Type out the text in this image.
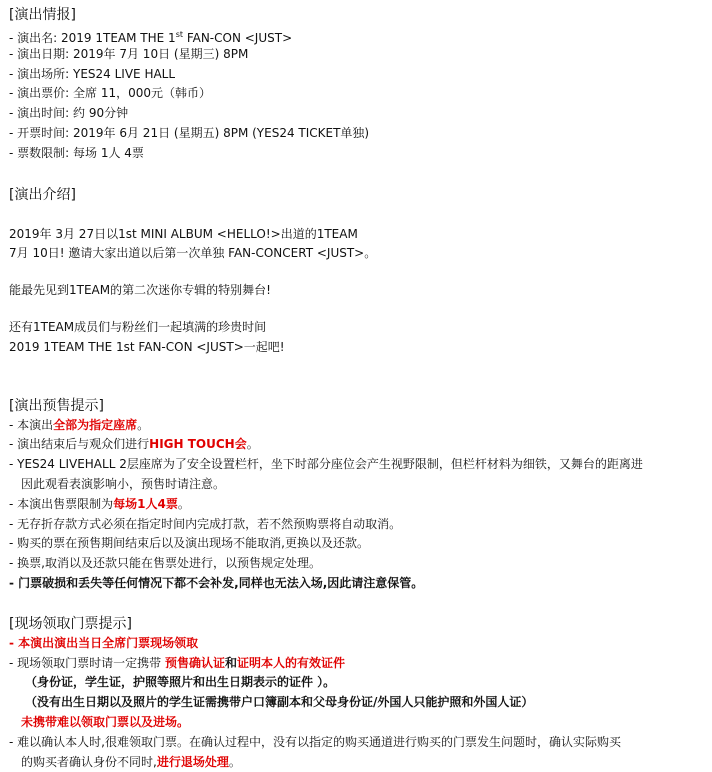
[演出情报]
- 演出名: 2019 1TEAM THE 1st FAN-CON <JUST>
- 演出日期: 2019年 7月 10日 (星期三) 8PM
- 演出场所: YES24 LIVE HALL
- 演出票价: 全席 11，000元（韩币）
- 演出时间: 约 90分钟
- 开票时间: 2019年 6月 21日 (星期五) 8PM (YES24 TICKET单独)
- 票数限制: 每场 1人 4票
[演出介绍]
2019年 3月 27日以1st MINI ALBUM <HELLO!>出道的1TEAM
7月 10日! 邀请大家出道以后第一次单独 FAN-CONCERT <JUST>。
能最先见到1TEAM的第二次迷你专辑的特别舞台!
还有1TEAM成员们与粉丝们一起填满的珍贵时间
2019 1TEAM THE 1st FAN-CON <JUST>一起吧!
[演出预售提示]
- 本演出全部为指定座席。
- 演出结束后与观众们进行HIGH TOUCH会。
- YES24 LIVEHALL 2层座席为了安全设置栏杆，坐下时部分座位会产生视野限制，但栏杆材料为细铁，又舞台的距离进
因此观看表演影响小，预售时请注意。
- 本演出售票限制为每场1人4票。
- 无存折存款方式必须在指定时间内完成打款，若不然预购票将自动取消。
- 购买的票在预售期间结束后以及演出现场不能取消,更换以及还款。
- 换票,取消以及还款只能在售票处进行，以预售规定处理。
- 门票破损和丢失等任何情况下都不会补发,同样也无法入场,因此请注意保管。
[现场领取门票提示]
- 本演出演出当日全席门票现场领取
- 现场领取门票时请一定携带 预售确认证和证明本人的有效证件
（身份证，学生证，护照等照片和出生日期表示的证件 ）。
（没有出生日期以及照片的学生证需携带户口簿副本和父母身份证/外国人只能护照和外国人证）
未携带难以领取门票以及进场。
- 难以确认本人时,很难领取门票。在确认过程中，没有以指定的购买通道进行购买的门票发生问题时，确认实际购买
的购买者确认身份不同时,进行退场处理。
